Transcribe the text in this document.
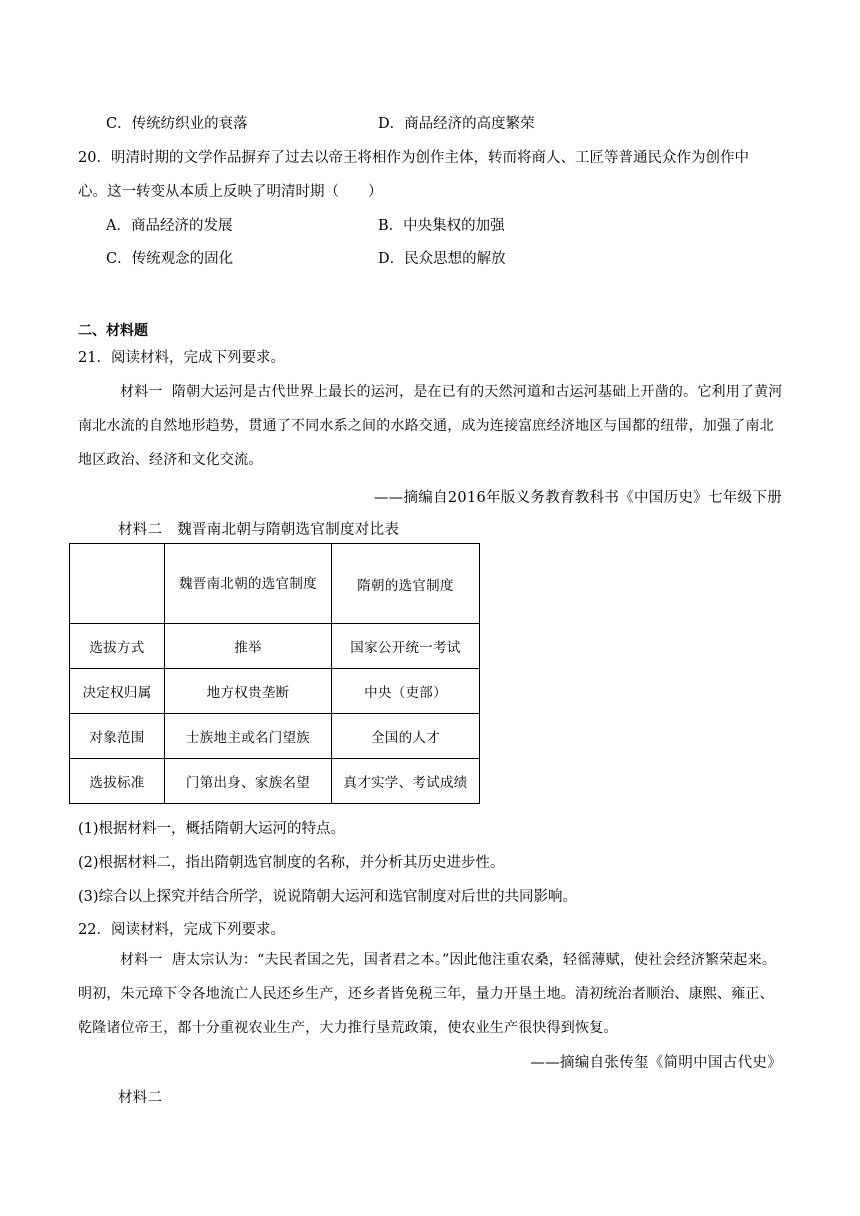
C．传统纺织业的衰落	D．商品经济的高度繁荣
20．明清时期的文学作品摒弃了过去以帝王将相作为创作主体，转而将商人、工匠等普通民众作为创作中
心。这一转变从本质上反映了明清时期（　　）
A．商品经济的发展	B．中央集权的加强
C．传统观念的固化	D．民众思想的解放
二、材料题
21．阅读材料，完成下列要求。
材料一 隋朝大运河是古代世界上最长的运河，是在已有的天然河道和古运河基础上开凿的。它利用了黄河南北水流的自然地形趋势，贯通了不同水系之间的水路交通，成为连接富庶经济地区与国都的纽带，加强了南北地区政治、经济和文化交流。
——摘编自2016年版义务教育教科书《中国历史》七年级下册
材料二　魏晋南北朝与隋朝选官制度对比表

	魏晋南北朝的选官制度	隋朝的选官制度
选拔方式	推举	国家公开统一考试
决定权归属	地方权贵垄断	中央（吏部）
对象范围	士族地主或名门望族	全国的人才
选拔标准	门第出身、家族名望	真才实学、考试成绩
(1)根据材料一，概括隋朝大运河的特点。
(2)根据材料二，指出隋朝选官制度的名称，并分析其历史进步性。
(3)综合以上探究并结合所学，说说隋朝大运河和选官制度对后世的共同影响。
22．阅读材料，完成下列要求。
材料一 唐太宗认为：“夫民者国之先，国者君之本。”因此他注重农桑，轻徭薄赋，使社会经济繁荣起来。明初，朱元璋下令各地流亡人民还乡生产，还乡者皆免税三年，量力开垦土地。清初统治者顺治、康熙、雍正、乾隆诸位帝王，都十分重视农业生产，大力推行垦荒政策，使农业生产很快得到恢复。
——摘编自张传玺《简明中国古代史》
材料二
